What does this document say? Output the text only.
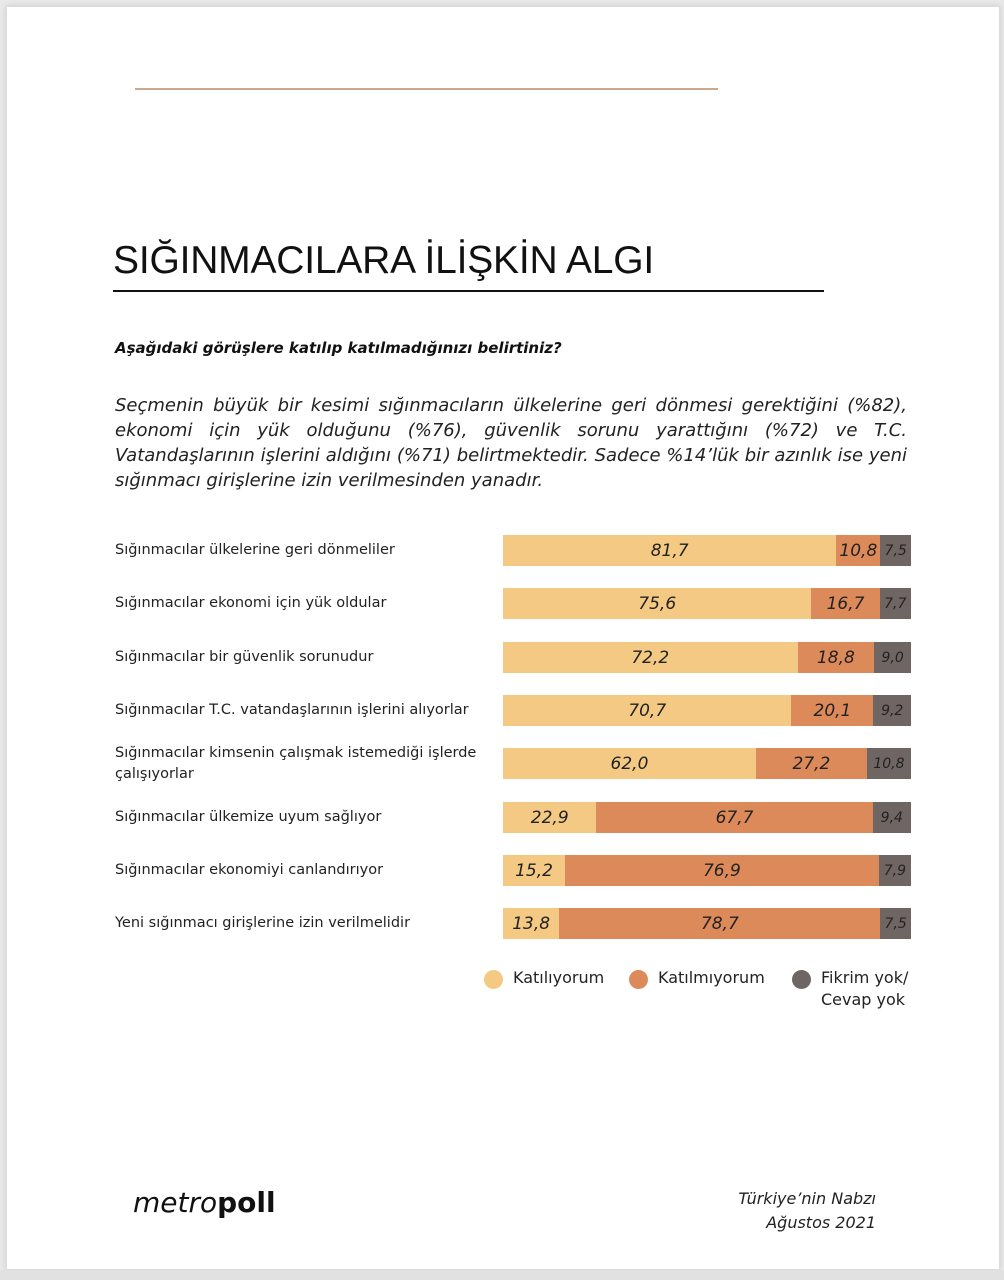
SIĞINMACILARA İLİŞKİN ALGI
Aşağıdaki görüşlere katılıp katılmadığınızı belirtiniz?
Seçmenin büyük bir kesimi sığınmacıların ülkelerine geri dönmesi gerektiğini (%82), ekonomi için yük olduğunu (%76), güvenlik sorunu yarattığını (%72) ve T.C. Vatandaşlarının işlerini aldığını (%71) belirtmektedir. Sadece %14’lük bir azınlık ise yeni sığınmacı girişlerine izin verilmesinden yanadır.
Sığınmacılar ülkelerine geri dönmeliler	81,7	10,8 7,5
Sığınmacılar ekonomi için yük oldular	75,6	16,7 7,7
Sığınmacılar bir güvenlik sorunudur	72,2	18,8 9,0
Sığınmacılar T.C. vatandaşlarının işlerini alıyorlar	70,7	20,1 9,2
Sığınmacılar kimsenin çalışmak istemediği işlerde çalışıyorlar	62,0	27,2	10,8
Sığınmacılar ülkemize uyum sağlıyor	22,9	67,7	9,4
Sığınmacılar ekonomiyi canlandırıyor	15,2	76,9	7,9
Yeni sığınmacı girişlerine izin verilmelidir	13,8	78,7	7,5
Katılıyorum	Katılmıyorum	Fikrim yok/
Cevap yok
metropoll	Türkiye’nin Nabzı
Ağustos 2021
